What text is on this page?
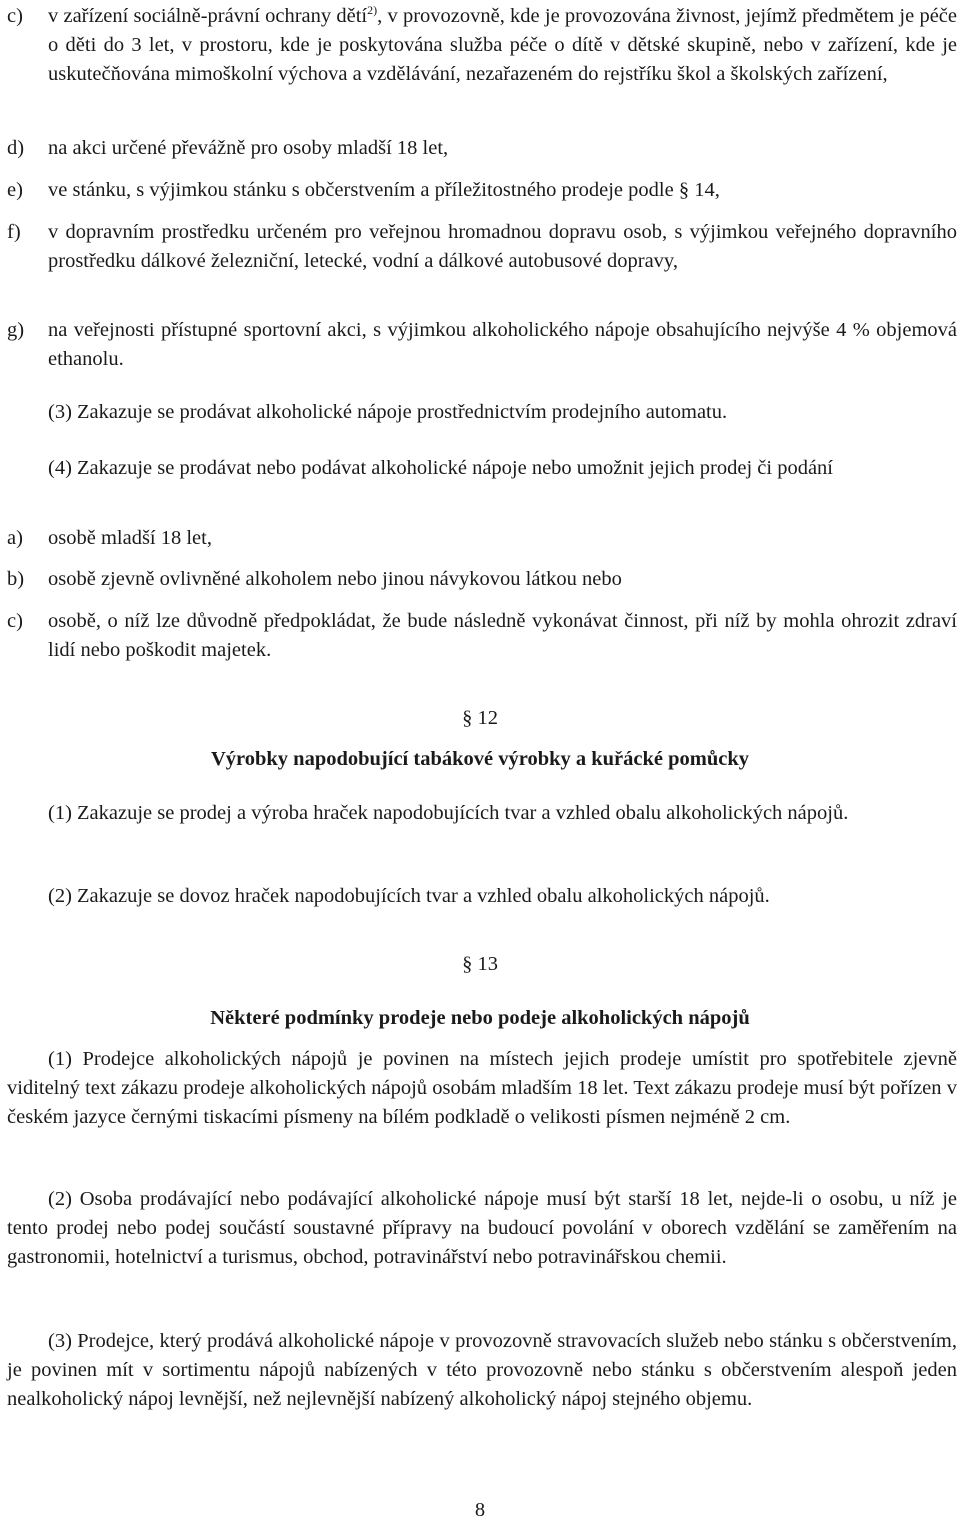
c) v zařízení sociálně-právní ochrany dětí$^{2)}$, v provozovně, kde je provozována živnost, jejímž předmětem je péče o děti do 3 let, v prostoru, kde je poskytována služba péče o dítě v dětské skupině, nebo v zařízení, kde je uskutečňována mimoškolní výchova a vzdělávání, nezařazeném do rejstříku škol a školských zařízení,
d) na akci určené převážně pro osoby mladší 18 let,
e) ve stánku, s výjimkou stánku s občerstvením a příležitostného prodeje podle § 14,
f) v dopravním prostředku určeném pro veřejnou hromadnou dopravu osob, s výjimkou veřejného dopravního prostředku dálkové železniční, letecké, vodní a dálkové autobusové dopravy,
g) na veřejnosti přístupné sportovní akci, s výjimkou alkoholického nápoje obsahujícího nejvýše 4 % objemová ethanolu.
(3) Zakazuje se prodávat alkoholické nápoje prostřednictvím prodejního automatu.
(4) Zakazuje se prodávat nebo podávat alkoholické nápoje nebo umožnit jejich prodej či podání
a) osobě mladší 18 let,
b) osobě zjevně ovlivněné alkoholem nebo jinou návykovou látkou nebo
c) osobě, o níž lze důvodně předpokládat, že bude následně vykonávat činnost, při níž by mohla ohrozit zdraví lidí nebo poškodit majetek.
§ 12
Výrobky napodobující tabákové výrobky a kuřácké pomůcky
(1) Zakazuje se prodej a výroba hraček napodobujících tvar a vzhled obalu alkoholických nápojů.
(2) Zakazuje se dovoz hraček napodobujících tvar a vzhled obalu alkoholických nápojů.
§ 13
Některé podmínky prodeje nebo podeje alkoholických nápojů
(1) Prodejce alkoholických nápojů je povinen na místech jejich prodeje umístit pro spotřebitele zjevně viditelný text zákazu prodeje alkoholických nápojů osobám mladším 18 let. Text zákazu prodeje musí být pořízen v českém jazyce černými tiskacími písmeny na bílém podkladě o velikosti písmen nejméně 2 cm.
(2) Osoba prodávající nebo podávající alkoholické nápoje musí být starší 18 let, nejde-li o osobu, u níž je tento prodej nebo podej součástí soustavné přípravy na budoucí povolání v oborech vzdělání se zaměřením na gastronomii, hotelnictví a turismus, obchod, potravinářství nebo potravinářskou chemii.
(3) Prodejce, který prodává alkoholické nápoje v provozovně stravovacích služeb nebo stánku s občerstvením, je povinen mít v sortimentu nápojů nabízených v této provozovně nebo stánku s občerstvením alespoň jeden nealkoholický nápoj levnější, než nejlevnější nabízený alkoholický nápoj stejného objemu.
8
